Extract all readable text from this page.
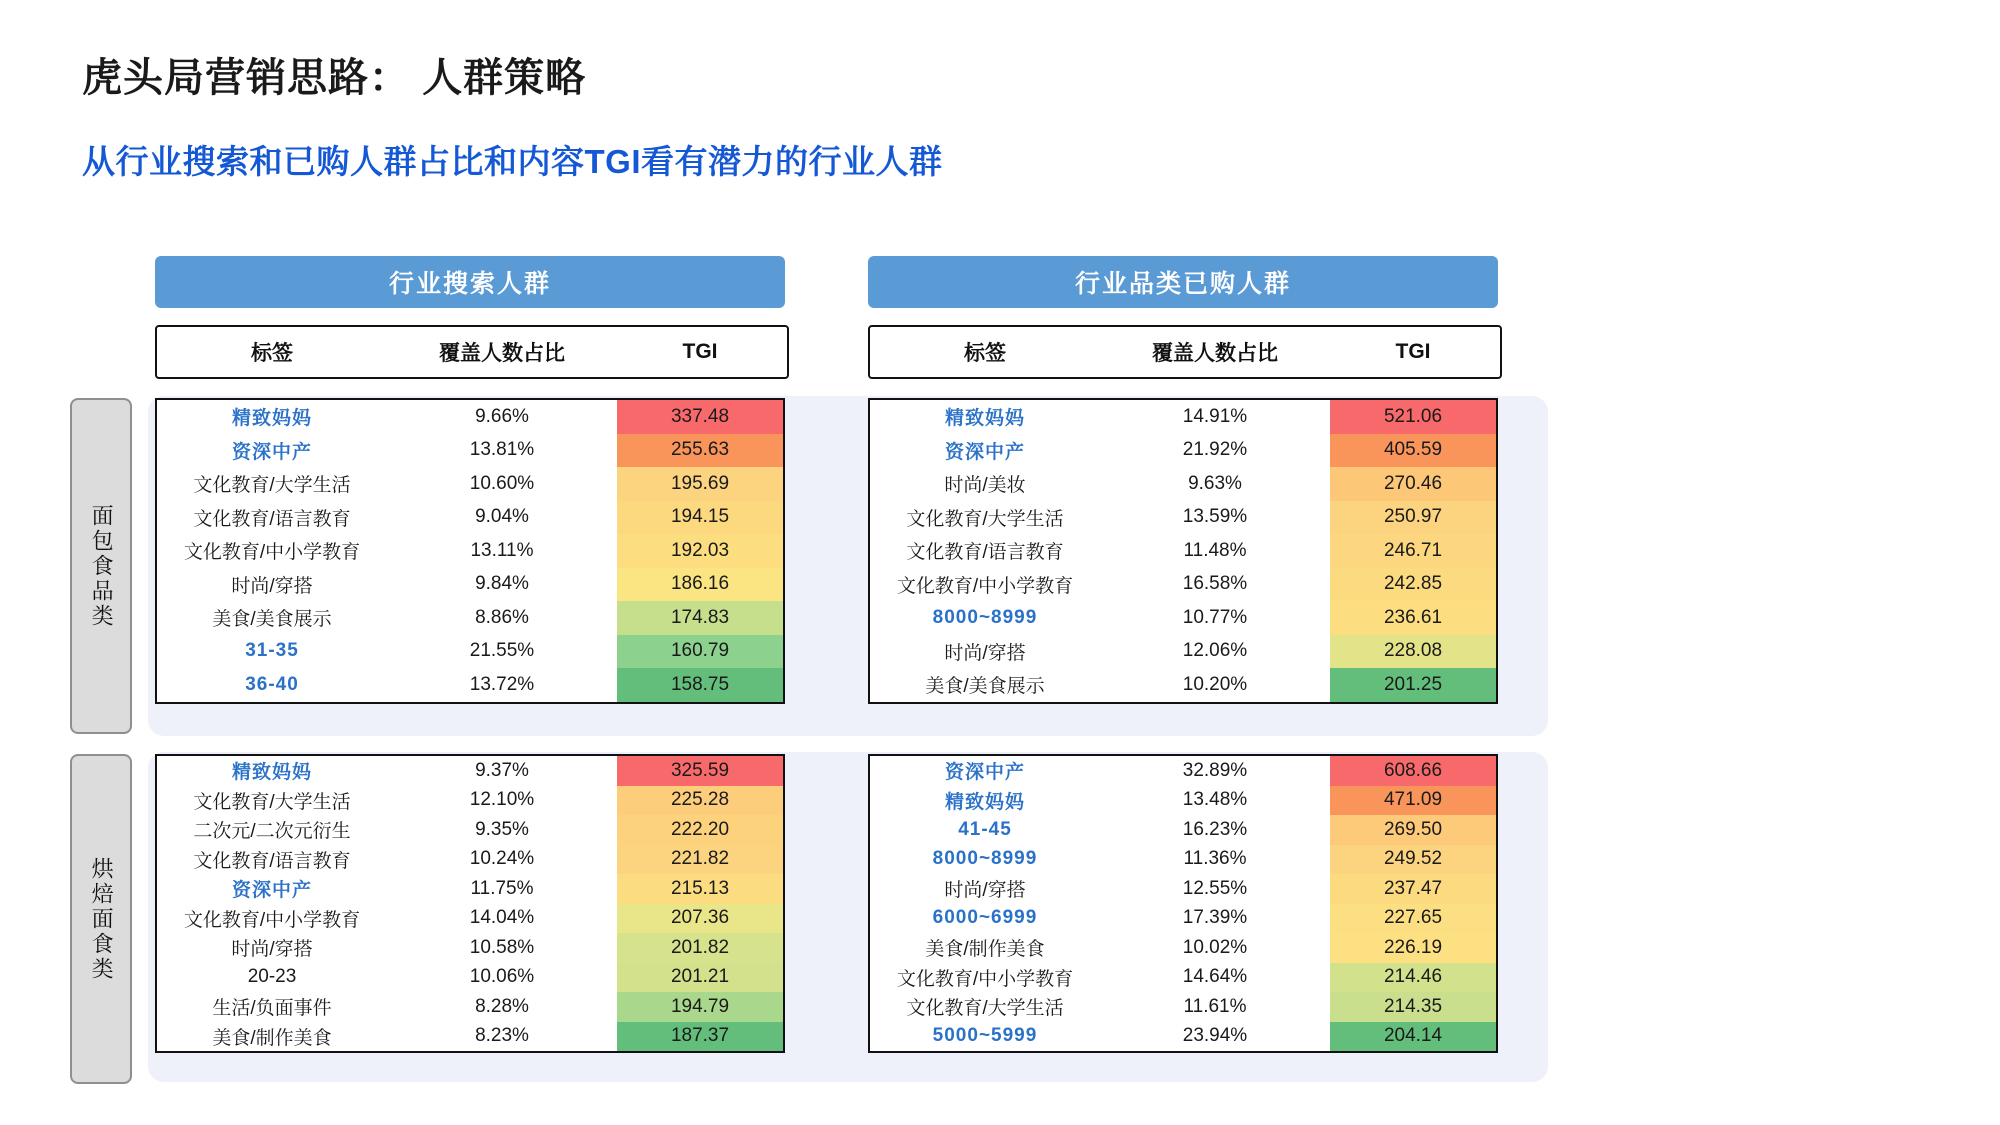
虎头局营销思路： 人群策略
从行业搜索和已购人群占比和内容TGI看有潜力的行业人群
行业搜索人群	行业品类已购人群
标签	覆盖人数占比	TGI	标签	覆盖人数占比	TGI
面包食品类
烘焙面食类
精致妈妈	9.66%	337.48
资深中产	13.81%	255.63
文化教育/大学生活	10.60%	195.69
文化教育/语言教育	9.04%	194.15
文化教育/中小学教育	13.11%	192.03
时尚/穿搭	9.84%	186.16
美食/美食展示	8.86%	174.83
31-35	21.55%	160.79
36-40	13.72%	158.75
精致妈妈	14.91%	521.06
资深中产	21.92%	405.59
时尚/美妆	9.63%	270.46
文化教育/大学生活	13.59%	250.97
文化教育/语言教育	11.48%	246.71
文化教育/中小学教育	16.58%	242.85
8000~8999	10.77%	236.61
时尚/穿搭	12.06%	228.08
美食/美食展示	10.20%	201.25
精致妈妈	9.37%	325.59
文化教育/大学生活	12.10%	225.28
二次元/二次元衍生	9.35%	222.20
文化教育/语言教育	10.24%	221.82
资深中产	11.75%	215.13
文化教育/中小学教育	14.04%	207.36
时尚/穿搭	10.58%	201.82
20-23	10.06%	201.21
生活/负面事件	8.28%	194.79
美食/制作美食	8.23%	187.37
资深中产	32.89%	608.66
精致妈妈	13.48%	471.09
41-45	16.23%	269.50
8000~8999	11.36%	249.52
时尚/穿搭	12.55%	237.47
6000~6999	17.39%	227.65
美食/制作美食	10.02%	226.19
文化教育/中小学教育	14.64%	214.46
文化教育/大学生活	11.61%	214.35
5000~5999	23.94%	204.14
